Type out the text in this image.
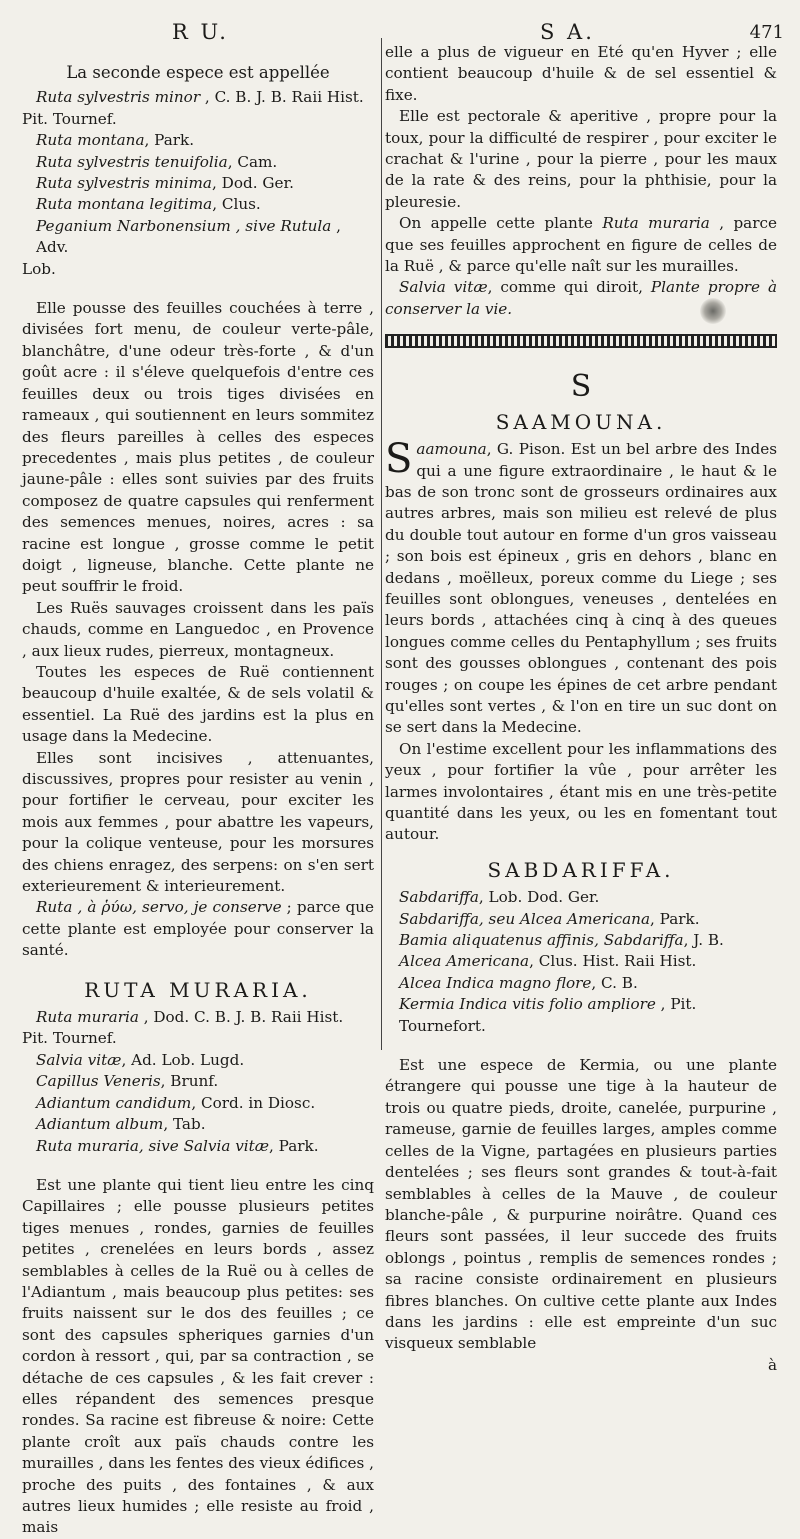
R U.	S A.	471

La seconde espece est appellée

Ruta sylvestris minor , C. B. J. B. Raii Hist.
Pit. Tournef.
Ruta montana, Park.
Ruta sylvestris tenuifolia, Cam.
Ruta sylvestris minima, Dod. Ger.
Ruta montana legitima, Clus.
Peganium Narbonensium , sive Rutula , Adv.
Lob.

Elle pousse des feuilles couchées à terre , divisées fort menu, de couleur verte-pâle, blanchâtre, d'une odeur très-forte , & d'un goût acre : il s'éleve quelquefois d'entre ces feuilles deux ou trois tiges divisées en rameaux , qui soutiennent en leurs sommitez des fleurs pareilles à celles des especes precedentes , mais plus petites , de couleur jaune-pâle : elles sont suivies par des fruits composez de quatre capsules qui renferment des semences menues, noires, acres : sa racine est longue , grosse comme le petit doigt , ligneuse, blanche. Cette plante ne peut souffrir le froid.

Les Ruës sauvages croissent dans les païs chauds, comme en Languedoc , en Provence , aux lieux rudes, pierreux, montagneux.

Toutes les especes de Ruë contiennent beaucoup d'huile exaltée, & de sels volatil & essentiel. La Ruë des jardins est la plus en usage dans la Medecine.

Elles sont incisives , attenuantes, discussives, propres pour resister au venin , pour fortifier le cerveau, pour exciter les mois aux femmes , pour abattre les vapeurs, pour la colique venteuse, pour les morsures des chiens enragez, des serpens: on s'en sert exterieurement & interieurement.

Ruta , à ῥύω, servo, je conserve ; parce que cette plante est employée pour conserver la santé.

RUTA MURARIA.
Ruta muraria , Dod. C. B. J. B. Raii Hist.
Pit. Tournef.
Salvia vitæ, Ad. Lob. Lugd.
Capillus Veneris, Brunf.
Adiantum candidum, Cord. in Diosc.
Adiantum album, Tab.
Ruta muraria, sive Salvia vitæ, Park.

Est une plante qui tient lieu entre les cinq Capillaires ; elle pousse plusieurs petites tiges menues , rondes, garnies de feuilles petites , crenelées en leurs bords , assez semblables à celles de la Ruë ou à celles de l'Adiantum , mais beaucoup plus petites: ses fruits naissent sur le dos des feuilles ; ce sont des capsules spheriques garnies d'un cordon à ressort , qui, par sa contraction , se détache de ces capsules , & les fait crever : elles répandent des semences presque rondes. Sa racine est fibreuse & noire: Cette plante croît aux païs chauds contre les murailles , dans les fentes des vieux édifices , proche des puits , des fontaines , & aux autres lieux humides ; elle resiste au froid , mais

elle a plus de vigueur en Eté qu'en Hyver ; elle contient beaucoup d'huile & de sel essentiel & fixe.

Elle est pectorale & aperitive , propre pour la toux, pour la difficulté de respirer , pour exciter le crachat & l'urine , pour la pierre , pour les maux de la rate & des reins, pour la phthisie, pour la pleuresie.

On appelle cette plante Ruta muraria , parce que ses feuilles approchent en figure de celles de la Ruë , & parce qu'elle naît sur les murailles.

Salvia vitæ, comme qui diroit, Plante propre à conserver la vie.

S
SAAMOUNA.

Saamouna, G. Pison. Est un bel arbre des Indes qui a une figure extraordinaire , le haut & le bas de son tronc sont de grosseurs ordinaires aux autres arbres, mais son milieu est relevé de plus du double tout autour en forme d'un gros vaisseau ; son bois est épineux , gris en dehors , blanc en dedans , moëlleux, poreux comme du Liege ; ses feuilles sont oblongues, veneuses , dentelées en leurs bords , attachées cinq à cinq à des queues longues comme celles du Pentaphyllum ; ses fruits sont des gousses oblongues , contenant des pois rouges ; on coupe les épines de cet arbre pendant qu'elles sont vertes , & l'on en tire un suc dont on se sert dans la Medecine.

On l'estime excellent pour les inflammations des yeux , pour fortifier la vûe , pour arrêter les larmes involontaires , étant mis en une très-petite quantité dans les yeux, ou les en fomentant tout autour.

SABDARIFFA.
Sabdariffa, Lob. Dod. Ger.
Sabdariffa, seu Alcea Americana, Park.
Bamia aliquatenus affinis, Sabdariffa, J. B.
Alcea Americana, Clus. Hist. Raii Hist.
Alcea Indica magno flore, C. B.
Kermia Indica vitis folio ampliore , Pit. Tournefort.

Est une espece de Kermia, ou une plante étrangere qui pousse une tige à la hauteur de trois ou quatre pieds, droite, canelée, purpurine , rameuse, garnie de feuilles larges, amples comme celles de la Vigne, partagées en plusieurs parties dentelées ; ses fleurs sont grandes & tout-à-fait semblables à celles de la Mauve , de couleur blanche-pâle , & purpurine noirâtre. Quand ces fleurs sont passées, il leur succede des fruits oblongs , pointus , remplis de semences rondes ; sa racine consiste ordinairement en plusieurs fibres blanches. On cultive cette plante aux Indes dans les jardins : elle est empreinte d'un suc visqueux semblable

à
